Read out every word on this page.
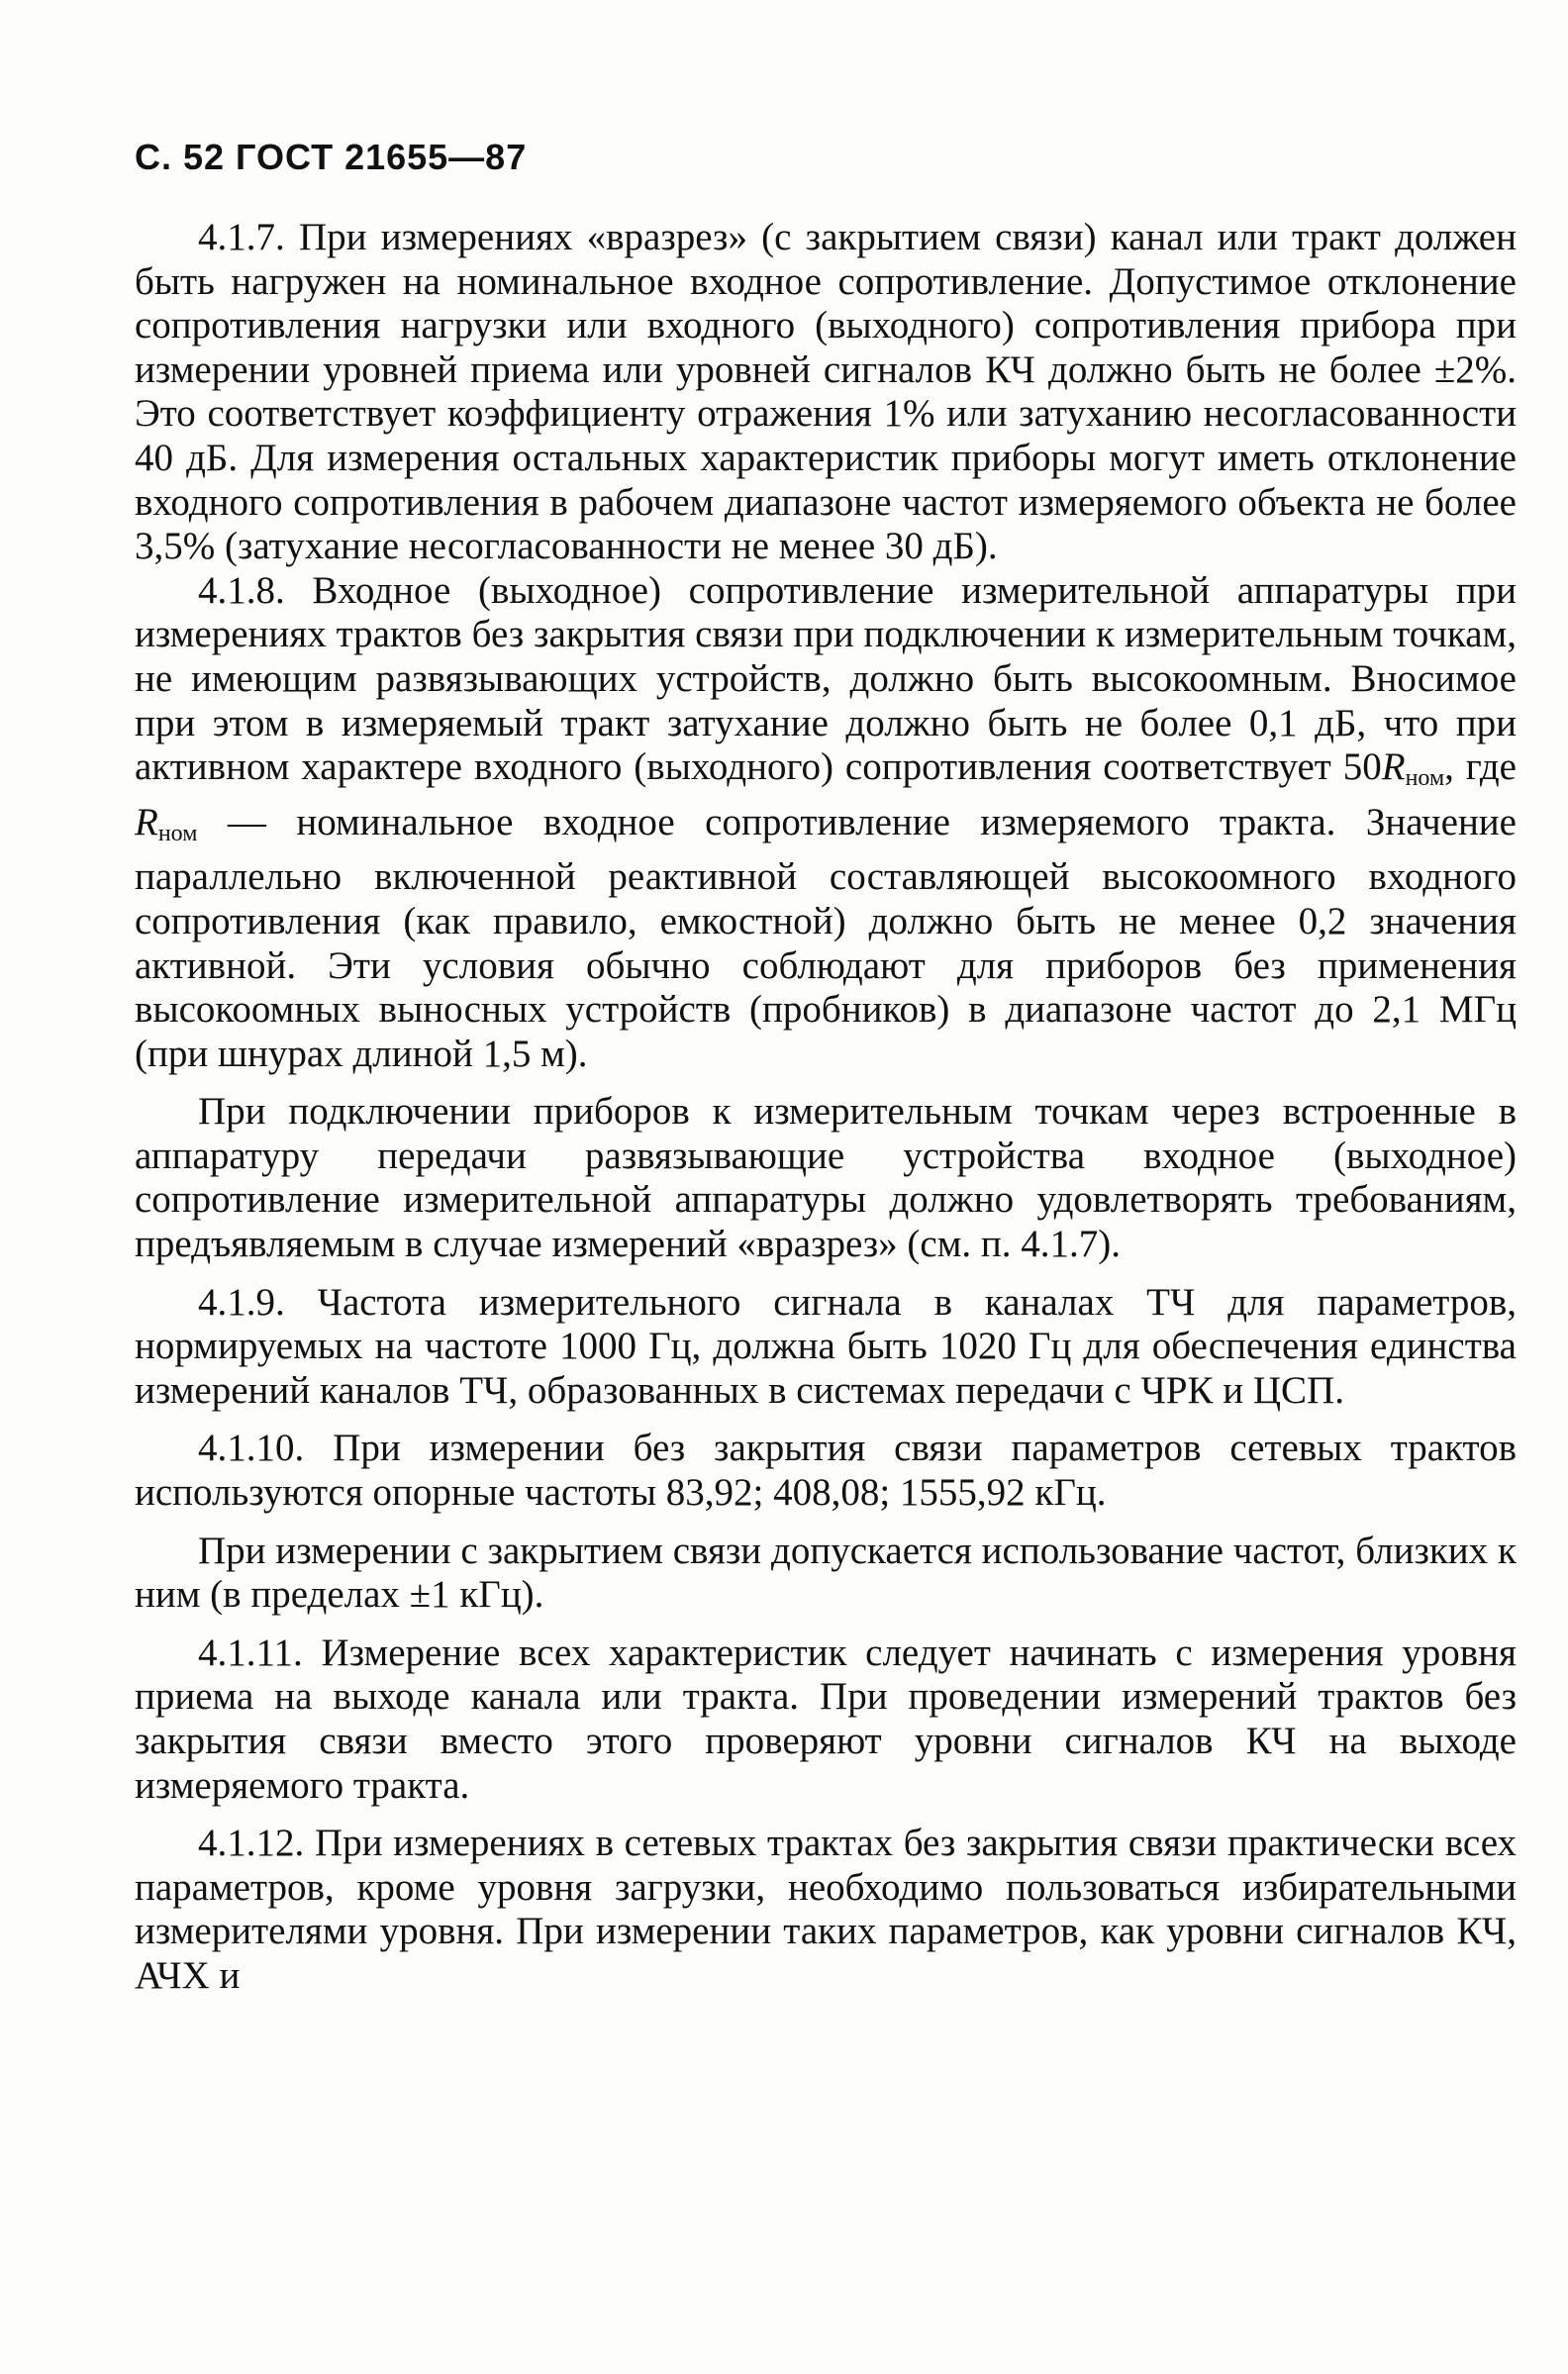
С. 52 ГОСТ 21655—87

4.1.7. При измерениях «вразрез» (с закрытием связи) канал или тракт должен быть нагружен на номинальное входное сопротивление. Допустимое отклонение сопротивления нагрузки или входного (выходного) сопротивления прибора при измерении уровней приема или уровней сигналов КЧ должно быть не более ±2%. Это соответствует коэффициенту отражения 1% или затуханию несогласованности 40 дБ. Для измерения остальных характеристик приборы могут иметь отклонение входного сопротивления в рабочем диапазоне частот измеряемого объекта не более 3,5% (затухание несогласованности не менее 30 дБ).

4.1.8. Входное (выходное) сопротивление измерительной аппаратуры при измерениях трактов без закрытия связи при подключении к измерительным точкам, не имеющим развязывающих устройств, должно быть высокоомным. Вносимое при этом в измеряемый тракт затухание должно быть не более 0,1 дБ, что при активном характере входного (выходного) сопротивления соответствует $50R_{ном}$, где $R_{ном}$ — номинальное входное сопротивление измеряемого тракта. Значение параллельно включенной реактивной составляющей высокоомного входного сопротивления (как правило, емкостной) должно быть не менее 0,2 значения активной. Эти условия обычно соблюдают для приборов без применения высокоомных выносных устройств (пробников) в диапазоне частот до 2,1 МГц (при шнурах длиной 1,5 м).

При подключении приборов к измерительным точкам через встроенные в аппаратуру передачи развязывающие устройства входное (выходное) сопротивление измерительной аппаратуры должно удовлетворять требованиям, предъявляемым в случае измерений «вразрез» (см. п. 4.1.7).

4.1.9. Частота измерительного сигнала в каналах ТЧ для параметров, нормируемых на частоте 1000 Гц, должна быть 1020 Гц для обеспечения единства измерений каналов ТЧ, образованных в системах передачи с ЧРК и ЦСП.

4.1.10. При измерении без закрытия связи параметров сетевых трактов используются опорные частоты 83,92; 408,08; 1555,92 кГц.

При измерении с закрытием связи допускается использование частот, близких к ним (в пределах ±1 кГц).

4.1.11. Измерение всех характеристик следует начинать с измерения уровня приема на выходе канала или тракта. При проведении измерений трактов без закрытия связи вместо этого проверяют уровни сигналов КЧ на выходе измеряемого тракта.

4.1.12. При измерениях в сетевых трактах без закрытия связи практически всех параметров, кроме уровня загрузки, необходимо пользоваться избирательными измерителями уровня. При измерении таких параметров, как уровни сигналов КЧ, АЧХ и
